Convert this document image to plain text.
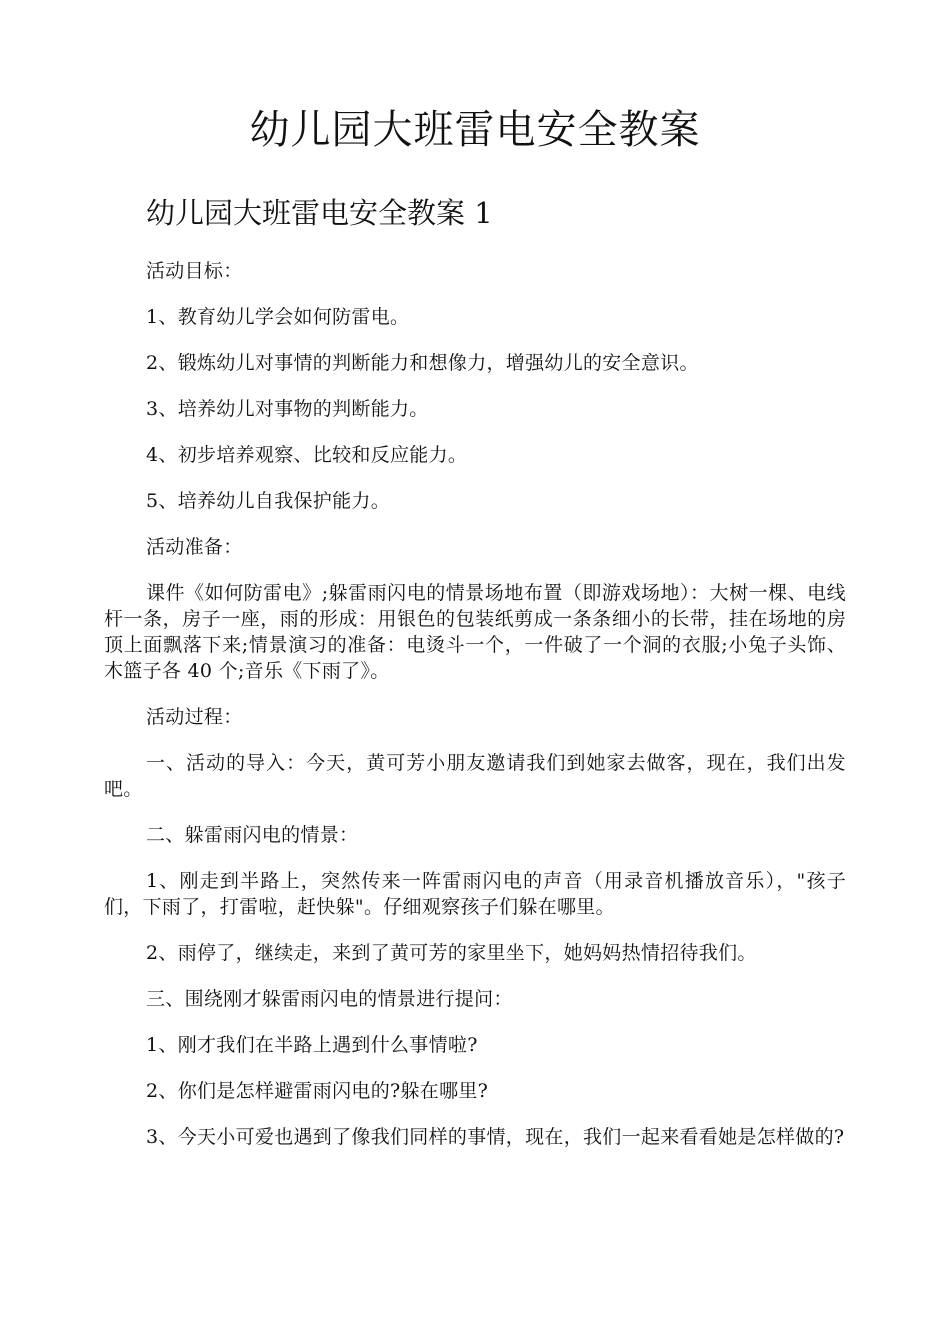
幼儿园大班雷电安全教案
幼儿园大班雷电安全教案 1

活动目标：

1、教育幼儿学会如何防雷电。

2、锻炼幼儿对事情的判断能力和想像力，增强幼儿的安全意识。

3、培养幼儿对事物的判断能力。

4、初步培养观察、比较和反应能力。

5、培养幼儿自我保护能力。

活动准备：

课件《如何防雷电》;躲雷雨闪电的情景场地布置（即游戏场地）：大树一棵、电线杆一条，房子一座，雨的形成：用银色的包装纸剪成一条条细小的长带，挂在场地的房顶上面飘落下来;情景演习的准备：电烫斗一个，一件破了一个洞的衣服;小兔子头饰、木篮子各 40 个;音乐《下雨了》。

活动过程：

一、活动的导入：今天，黄可芳小朋友邀请我们到她家去做客，现在，我们出发吧。

二、躲雷雨闪电的情景：

1、刚走到半路上，突然传来一阵雷雨闪电的声音（用录音机播放音乐），"孩子们，下雨了，打雷啦，赶快躲"。仔细观察孩子们躲在哪里。

2、雨停了，继续走，来到了黄可芳的家里坐下，她妈妈热情招待我们。

三、围绕刚才躲雷雨闪电的情景进行提问：

1、刚才我们在半路上遇到什么事情啦?

2、你们是怎样避雷雨闪电的?躲在哪里?

3、今天小可爱也遇到了像我们同样的事情，现在，我们一起来看看她是怎样做的?
